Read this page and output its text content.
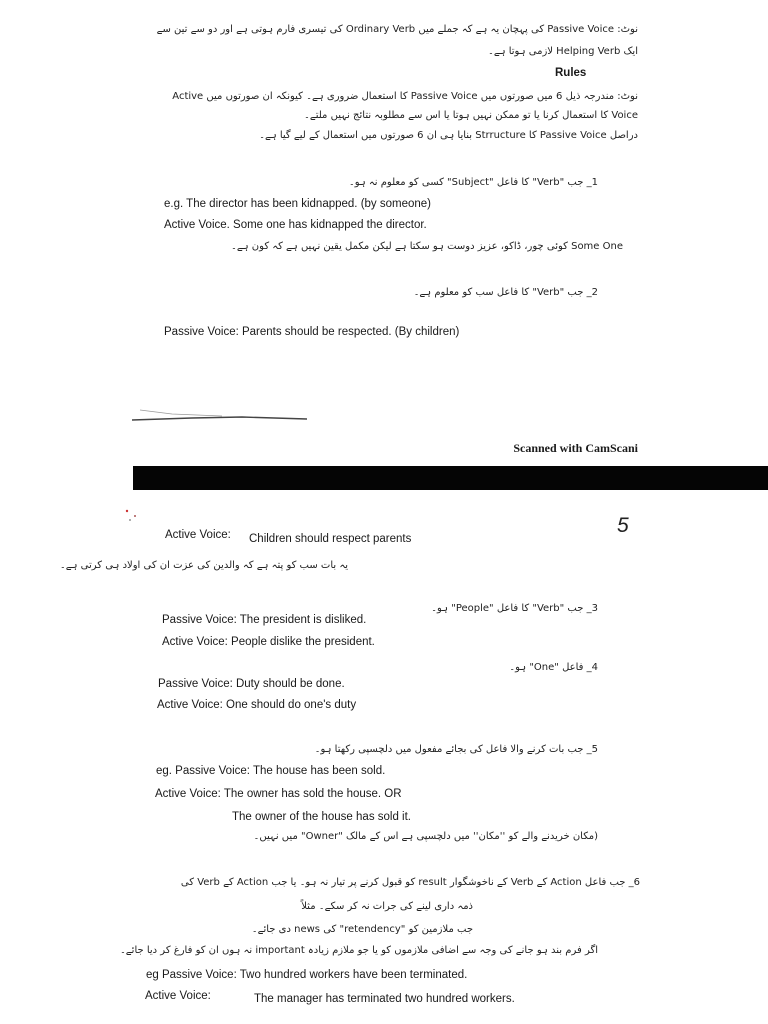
نوٹ: Passive Voice کی پہچان یہ ہے کہ جملے میں Ordinary Verb کی تیسری فارم ہوتی ہے اور دو سے تین سے
ایک Helping Verb لازمی ہوتا ہے۔
Rules
نوٹ: مندرجہ ذیل 6 میں صورتوں میں Passive Voice کا استعمال ضروری ہے۔ کیونکہ ان صورتوں میں Active
Voice کا استعمال کرنا یا تو ممکن نہیں ہوتا یا اس سے مطلوبہ نتائج نہیں ملتے۔
دراصل Passive Voice کا Strructure بنایا ہی ان 6 صورتوں میں استعمال کے لیے گیا ہے۔
1_ جب "Verb" کا فاعل "Subject" کسی کو معلوم نہ ہو۔
e.g. The director has been kidnapped. (by someone)
Active Voice. Some one has kidnapped the director.
Some One کوئی چور، ڈاکو، عزیز دوست ہو سکتا ہے لیکن مکمل یقین نہیں ہے کہ کون ہے۔
2_ جب "Verb" کا فاعل سب کو معلوم ہے۔
Passive Voice: Parents should be respected. (By children)
Scanned with CamScani
5
Active Voice: Children should respect parents
یہ بات سب کو پتہ ہے کہ والدین کی عزت ان کی اولاد ہی کرتی ہے۔
3_ جب "Verb" کا فاعل "People" ہو۔
Passive Voice: The president is disliked.
Active Voice: People dislike the president.
4_ فاعل "One" ہو۔
Passive Voice: Duty should be done.
Active Voice: One should do one's duty
5_ جب بات کرنے والا فاعل کی بجائے مفعول میں دلچسپی رکھتا ہو۔
eg. Passive Voice: The house has been sold.
Active Voice: The owner has sold the house. OR
The owner of the house has sold it.
(مکان خریدنے والے کو ''مکان'' میں دلچسپی ہے اس کے مالک "Owner" میں نہیں۔
6_ جب فاعل Action کے Verb کے ناخوشگوار result کو قبول کرنے پر تیار نہ ہو۔ یا جب Action کے Verb کی
ذمہ داری لینے کی جرات نہ کر سکے۔ مثلاً
جب ملازمین کو "retendency" کی news دی جائے۔
اگر فرم بند ہو جانے کی وجہ سے اضافی ملازموں کو یا جو ملازم زیادہ important نہ ہوں ان کو فارغ کر دیا جائے۔
eg Passive Voice: Two hundred workers have been terminated.
Active Voice:	The manager has terminated two hundred workers.
